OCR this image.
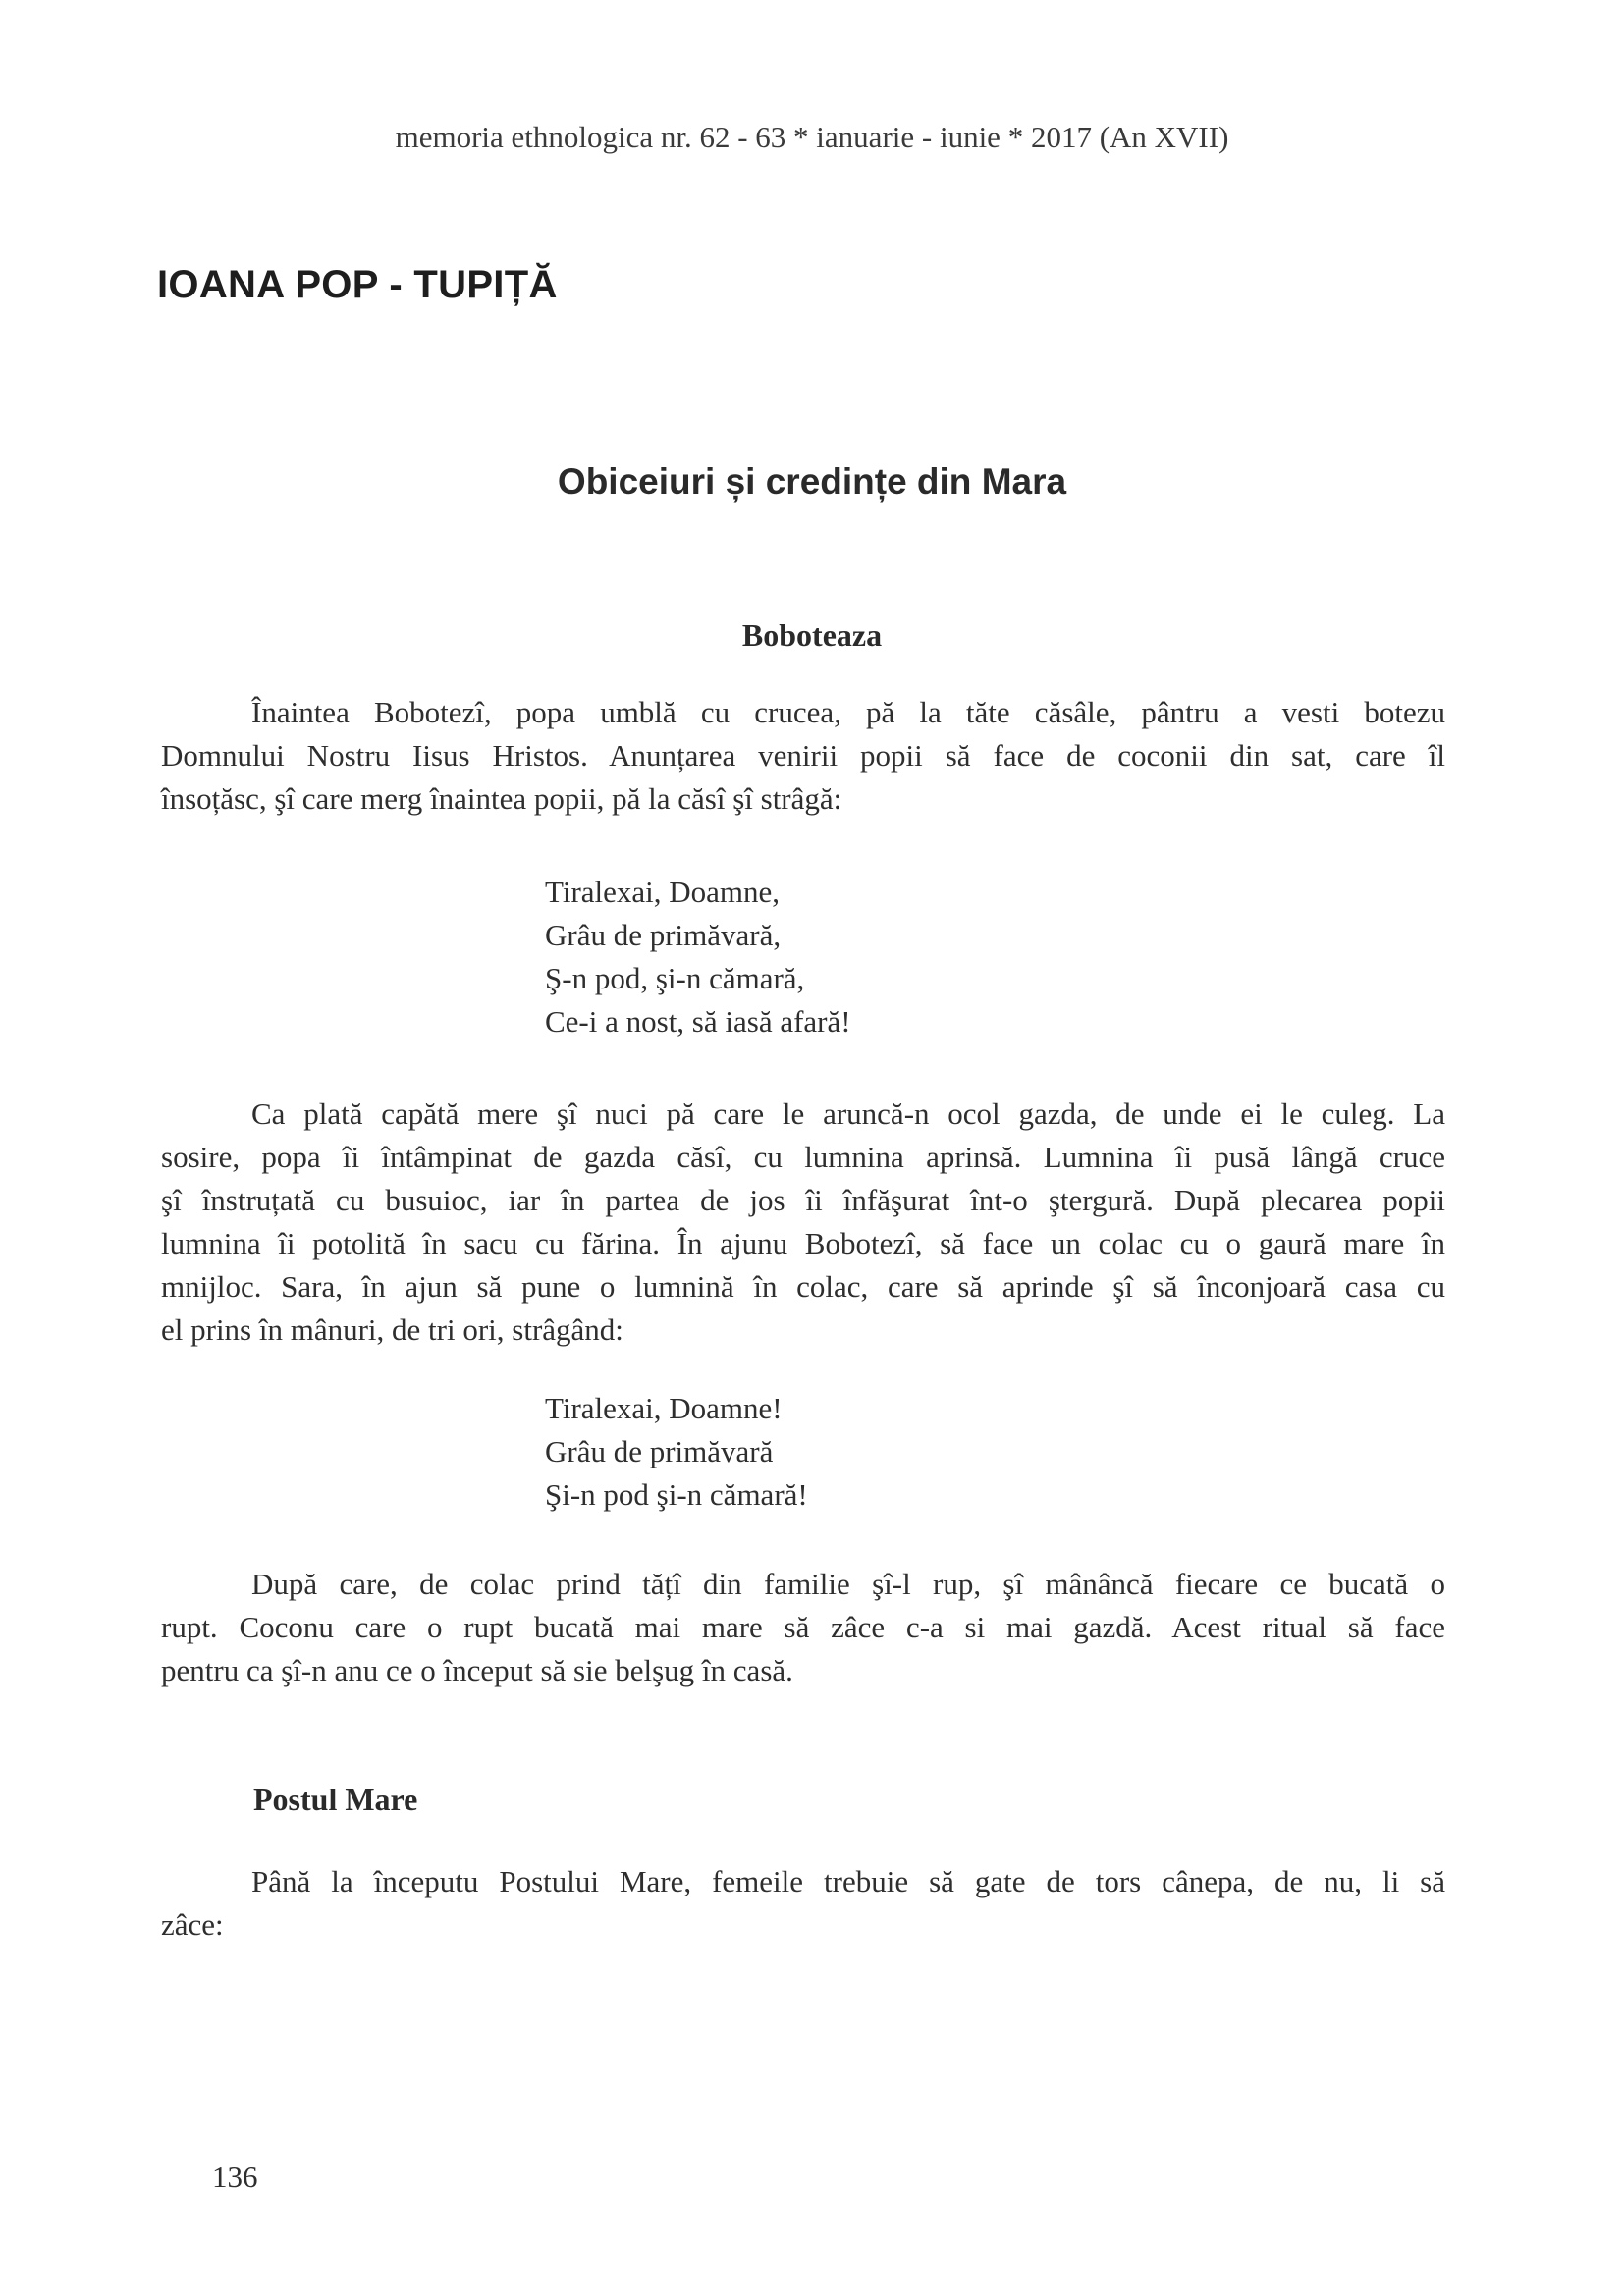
memoria ethnologica nr. 62 - 63 * ianuarie - iunie * 2017 (An XVII)
IOANA POP - TUPIȚĂ
Obiceiuri și credințe din Mara
Boboteaza
Înaintea Bobotezî, popa umblă cu crucea, pă la tăte căsâle, pântru a vesti botezu
Domnului Nostru Iisus Hristos. Anunțarea venirii popii să face de coconii din sat, care îl
însoțăsc, şî care merg înaintea popii, pă la căsî şî strâgă:
Tiralexai, Doamne,
Grâu de primăvară,
Ş-n pod, şi-n cămară,
Ce-i a nost, să iasă afară!
Ca plată capătă mere şî nuci pă care le aruncă-n ocol gazda, de unde ei le culeg. La
sosire, popa îi întâmpinat de gazda căsî, cu lumnina aprinsă. Lumnina îi pusă lângă cruce
şî înstruțată cu busuioc, iar în partea de jos îi înfăşurat înt-o ştergură. După plecarea popii
lumnina îi potolită în sacu cu fărina. În ajunu Bobotezî, să face un colac cu o gaură mare în
mnijloc. Sara, în ajun să pune o lumnină în colac, care să aprinde şî să înconjoară casa cu
el prins în mânuri, de tri ori, strâgând:
Tiralexai, Doamne!
Grâu de primăvară
Şi-n pod şi-n cămară!
După care, de colac prind tățî din familie şî-l rup, şî mânâncă fiecare ce bucată o
rupt. Coconu care o rupt bucată mai mare să zâce c-a si mai gazdă. Acest ritual să face
pentru ca şî-n anu ce o început să sie belşug în casă.
Postul Mare
Până la începutu Postului Mare, femeile trebuie să gate de tors cânepa, de nu, li să
zâce:
136
